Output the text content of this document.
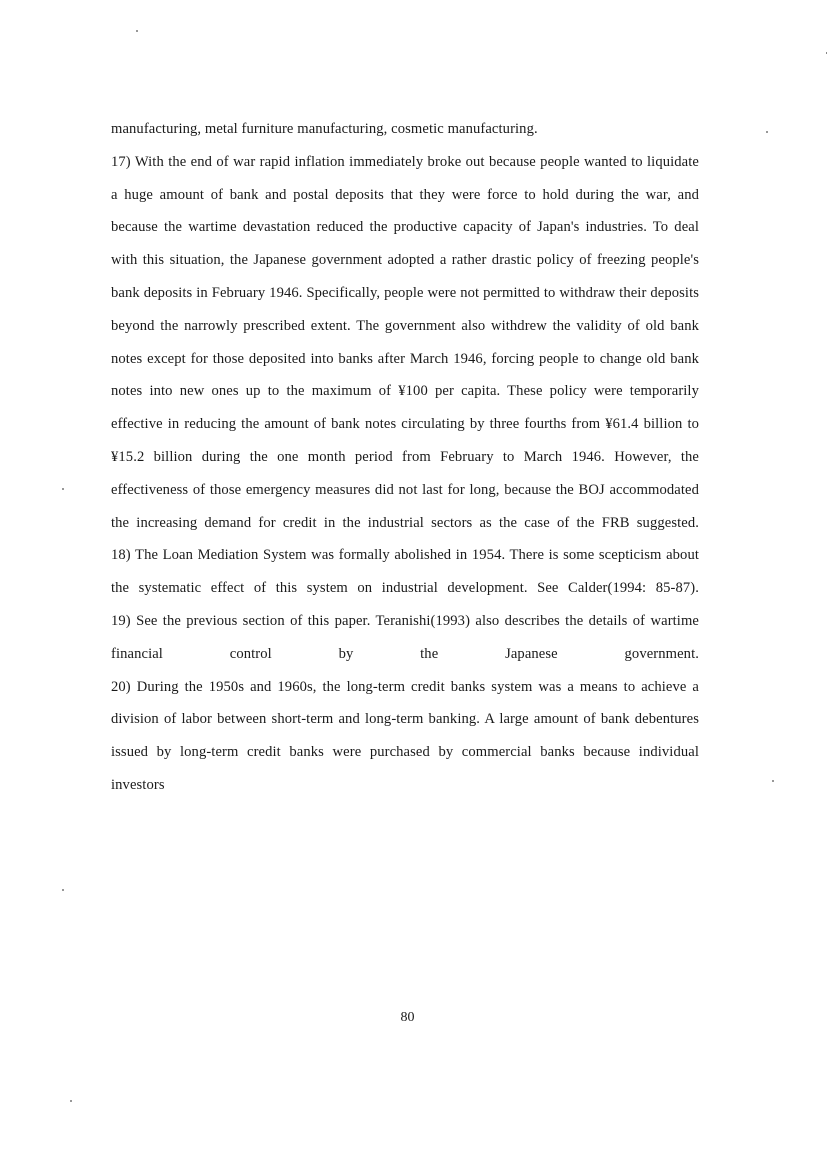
manufacturing, metal furniture manufacturing, cosmetic manufacturing.

17) With the end of war rapid inflation immediately broke out because people wanted to liquidate a huge amount of bank and postal deposits that they were force to hold during the war, and because the wartime devastation reduced the productive capacity of Japan's industries. To deal with this situation, the Japanese government adopted a rather drastic policy of freezing people's bank deposits in February 1946. Specifically, people were not permitted to withdraw their deposits beyond the narrowly prescribed extent. The government also withdrew the validity of old bank notes except for those deposited into banks after March 1946, forcing people to change old bank notes into new ones up to the maximum of ¥100 per capita. These policy were temporarily effective in reducing the amount of bank notes circulating by three fourths from ¥61.4 billion to ¥15.2 billion during the one month period from February to March 1946. However, the effectiveness of those emergency measures did not last for long, because the BOJ accommodated the increasing demand for credit in the industrial sectors as the case of the FRB suggested.

18) The Loan Mediation System was formally abolished in 1954. There is some scepticism about the systematic effect of this system on industrial development. See Calder(1994: 85-87).

19) See the previous section of this paper. Teranishi(1993) also describes the details of wartime financial control by the Japanese government.

20) During the 1950s and 1960s, the long-term credit banks system was a means to achieve a division of labor between short-term and long-term banking. A large amount of bank debentures issued by long-term credit banks were purchased by commercial banks because individual investors

80
